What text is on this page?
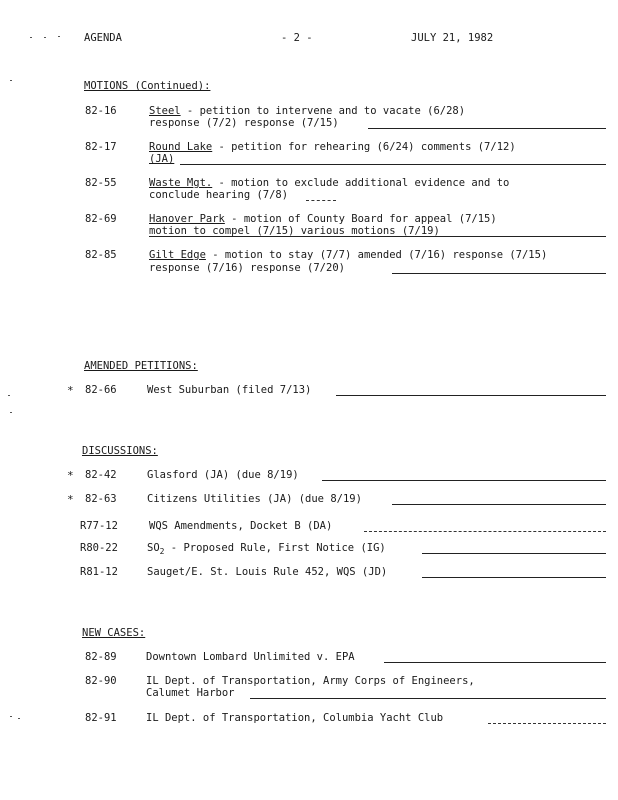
AGENDA	- 2 -	JULY 21, 1982
MOTIONS (Continued):
82-16	Steel - petition to intervene and to vacate (6/28)
response (7/2) response (7/15)
82-17	Round Lake - petition for rehearing (6/24) comments (7/12)
(JA)
82-55	Waste Mgt. - motion to exclude additional evidence and to
conclude hearing (7/8)
82-69	Hanover Park - motion of County Board for appeal (7/15)
motion to compel (7/15) various motions (7/19)
82-85	Gilt Edge - motion to stay (7/7) amended (7/16) response (7/15)
response (7/16) response (7/20)
AMENDED PETITIONS:
* 82-66	West Suburban (filed 7/13)
DISCUSSIONS:
* 82-42	Glasford (JA) (due 8/19)
* 82-63	Citizens Utilities (JA) (due 8/19)
R77-12	WQS Amendments, Docket B (DA)
R80-22	$SO_2$ - Proposed Rule, First Notice (IG)
R81-12	Sauget/E. St. Louis Rule 452, WQS (JD)
NEW CASES:
82-89	Downtown Lombard Unlimited v. EPA
82-90	IL Dept. of Transportation, Army Corps of Engineers,
Calumet Harbor
82-91	IL Dept. of Transportation, Columbia Yacht Club
